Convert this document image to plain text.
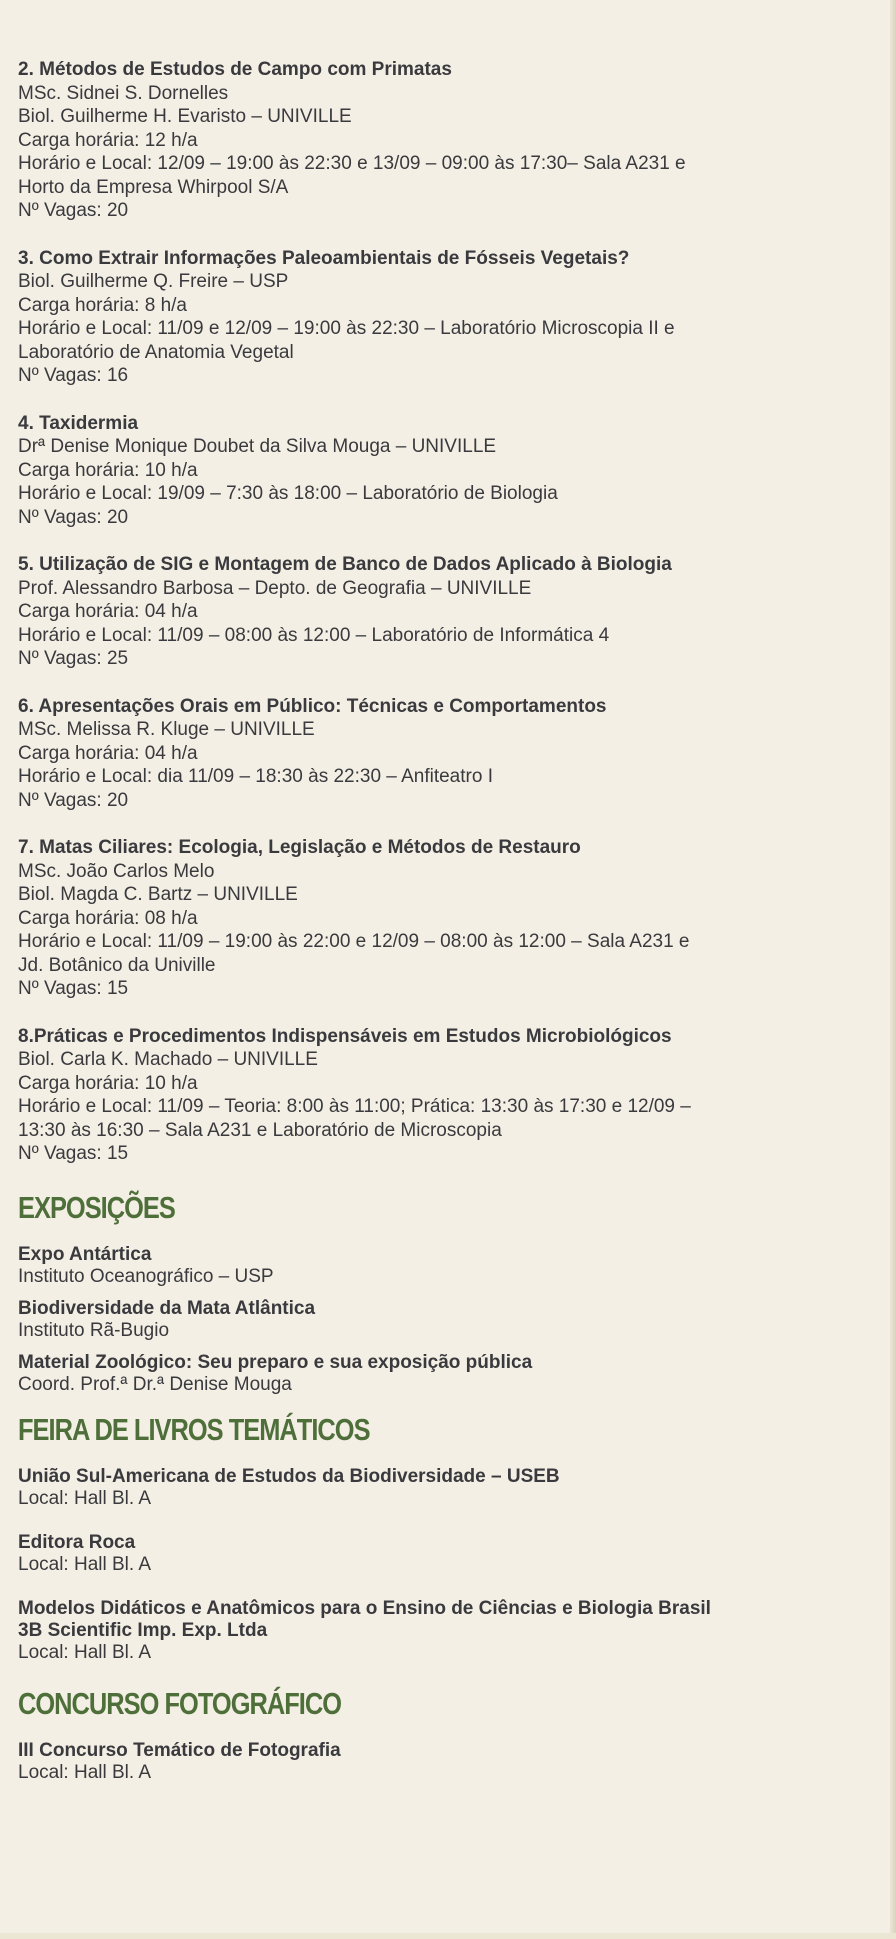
2. Métodos de Estudos de Campo com Primatas

MSc. Sidnei S. Dornelles

Biol. Guilherme H. Evaristo – UNIVILLE

Carga horária: 12 h/a

Horário e Local: 12/09 – 19:00 às 22:30 e 13/09 – 09:00 às 17:30– Sala A231 e

Horto da Empresa Whirpool S/A

Nº Vagas: 20

3. Como Extrair Informações Paleoambientais de Fósseis Vegetais?

Biol. Guilherme Q. Freire – USP

Carga horária: 8 h/a

Horário e Local: 11/09 e 12/09 – 19:00 às 22:30 – Laboratório Microscopia II e

Laboratório de Anatomia Vegetal

Nº Vagas: 16

4. Taxidermia

Drª Denise Monique Doubet da Silva Mouga – UNIVILLE

Carga horária: 10 h/a

Horário e Local: 19/09 – 7:30 às 18:00 – Laboratório de Biologia

Nº Vagas: 20

5. Utilização de SIG e Montagem de Banco de Dados Aplicado à Biologia

Prof. Alessandro Barbosa – Depto. de Geografia – UNIVILLE

Carga horária: 04 h/a

Horário e Local: 11/09 – 08:00 às 12:00 – Laboratório de Informática 4

Nº Vagas: 25

6. Apresentações Orais em Público: Técnicas e Comportamentos

MSc. Melissa R. Kluge – UNIVILLE

Carga horária: 04 h/a

Horário e Local: dia 11/09 – 18:30 às 22:30 – Anfiteatro I

Nº Vagas: 20

7. Matas Ciliares: Ecologia, Legislação e Métodos de Restauro

MSc. João Carlos Melo

Biol. Magda C. Bartz – UNIVILLE

Carga horária: 08 h/a

Horário e Local: 11/09 – 19:00 às 22:00 e 12/09 – 08:00 às 12:00 – Sala A231 e

Jd. Botânico da Univille

Nº Vagas: 15

8.Práticas e Procedimentos Indispensáveis em Estudos Microbiológicos

Biol. Carla K. Machado – UNIVILLE

Carga horária: 10 h/a

Horário e Local: 11/09 – Teoria: 8:00 às 11:00; Prática: 13:30 às 17:30 e 12/09 –

13:30 às 16:30 – Sala A231 e Laboratório de Microscopia

Nº Vagas: 15

EXPOSIÇÕES

Expo Antártica

Instituto Oceanográfico – USP

Biodiversidade da Mata Atlântica

Instituto Rã-Bugio

Material Zoológico: Seu preparo e sua exposição pública

Coord. Prof.ª Dr.ª Denise Mouga

FEIRA DE LIVROS TEMÁTICOS

União Sul-Americana de Estudos da Biodiversidade – USEB

Local: Hall Bl. A

Editora Roca

Local: Hall Bl. A

Modelos Didáticos e Anatômicos para o Ensino de Ciências e Biologia Brasil

3B Scientific Imp. Exp. Ltda

Local: Hall Bl. A

CONCURSO FOTOGRÁFICO

III Concurso Temático de Fotografia

Local: Hall Bl. A
